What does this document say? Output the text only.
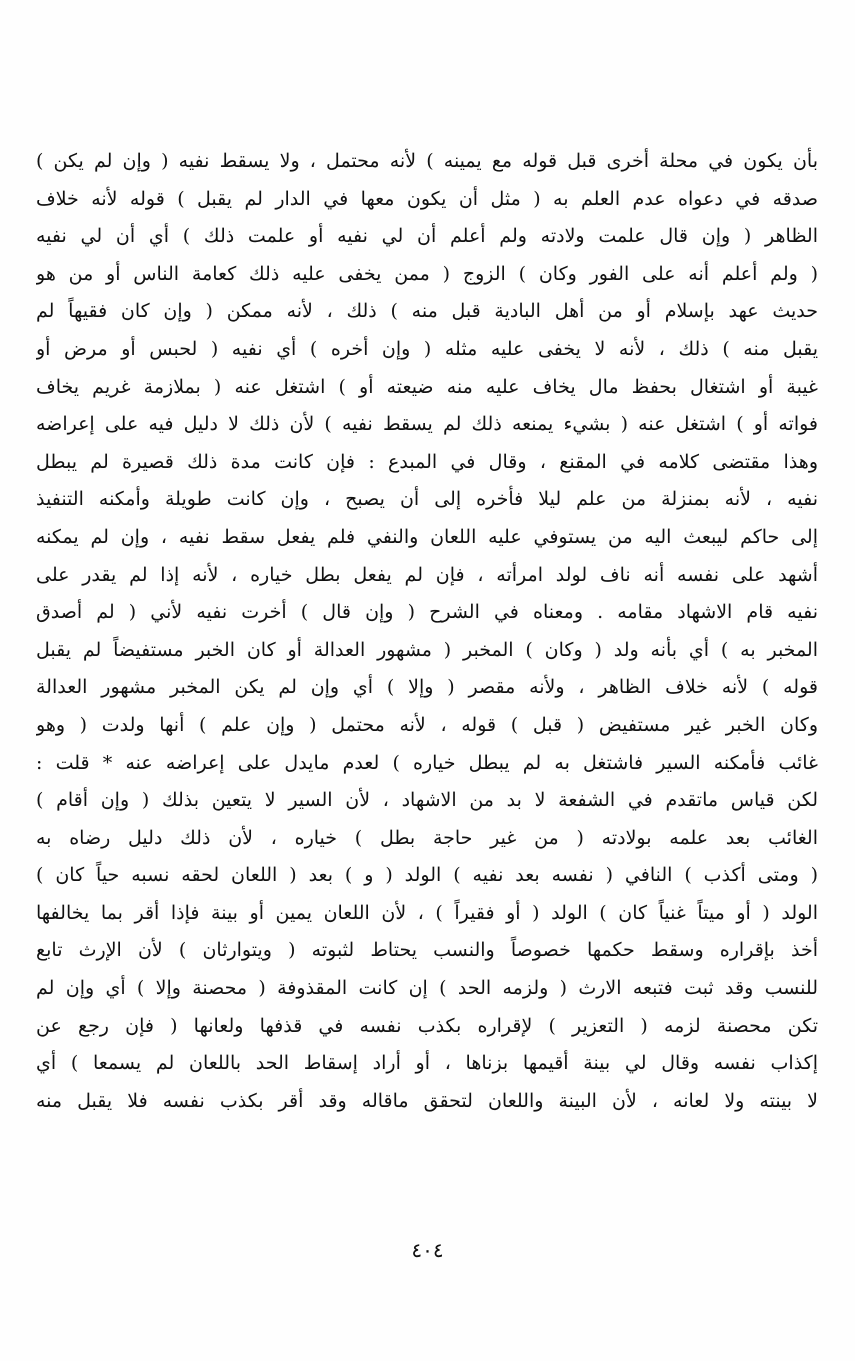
بأن يكون في محلة أخرى قبل قوله مع يمينه ) لأنه محتمل ، ولا يسقط نفيه ( وإن لم يكن )
صدقه في دعواه عدم العلم به ( مثل أن يكون معها في الدار لم يقبل ) قوله لأنه خلاف
الظاهر ( وإن قال علمت ولادته ولم أعلم أن لي نفيه أو علمت ذلك ) أي أن لي نفيه
( ولم أعلم أنه على الفور وكان ) الزوج ( ممن يخفى عليه ذلك كعامة الناس أو من هو
حديث عهد بإسلام أو من أهل البادية قبل منه ) ذلك ، لأنه ممكن ( وإن كان فقيهاً لم
يقبل منه ) ذلك ، لأنه لا يخفى عليه مثله ( وإن أخره ) أي نفيه ( لحبس أو مرض أو
غيبة أو اشتغال بحفظ مال يخاف عليه منه ضيعته أو ) اشتغل عنه ( بملازمة غريم يخاف
فواته أو ) اشتغل عنه ( بشيء يمنعه ذلك لم يسقط نفيه ) لأن ذلك لا دليل فيه على إعراضه
وهذا مقتضى كلامه في المقنع ، وقال في المبدع : فإن كانت مدة ذلك قصيرة لم يبطل
نفيه ، لأنه بمنزلة من علم ليلا فأخره إلى أن يصبح ، وإن كانت طويلة وأمكنه التنفيذ
إلى حاكم ليبعث اليه من يستوفي عليه اللعان والنفي فلم يفعل سقط نفيه ، وإن لم يمكنه
أشهد على نفسه أنه ناف لولد امرأته ، فإن لم يفعل بطل خياره ، لأنه إذا لم يقدر على
نفيه قام الاشهاد مقامه . ومعناه في الشرح ( وإن قال ) أخرت نفيه لأني ( لم أصدق
المخبر به ) أي بأنه ولد ( وكان ) المخبر ( مشهور العدالة أو كان الخبر مستفيضاً لم يقبل
قوله ) لأنه خلاف الظاهر ، ولأنه مقصر ( وإلا ) أي وإن لم يكن المخبر مشهور العدالة
وكان الخبر غير مستفيض ( قبل ) قوله ، لأنه محتمل ( وإن علم ) أنها ولدت ( وهو
غائب فأمكنه السير فاشتغل به لم يبطل خياره ) لعدم مايدل على إعراضه عنه * قلت :
لكن قياس ماتقدم في الشفعة لا بد من الاشهاد ، لأن السير لا يتعين بذلك ( وإن أقام )
الغائب بعد علمه بولادته ( من غير حاجة بطل ) خياره ، لأن ذلك دليل رضاه به
( ومتى أكذب ) النافي ( نفسه بعد نفيه ) الولد ( و ) بعد ( اللعان لحقه نسبه حياً كان )
الولد ( أو ميتاً غنياً كان ) الولد ( أو فقيراً ) ، لأن اللعان يمين أو بينة فإذا أقر بما يخالفها
أخذ بإقراره وسقط حكمها خصوصاً والنسب يحتاط لثبوته ( ويتوارثان ) لأن الإرث تابع
للنسب وقد ثبت فتبعه الارث ( ولزمه الحد ) إن كانت المقذوفة ( محصنة وإلا ) أي وإن لم
تكن محصنة لزمه ( التعزير ) لإقراره بكذب نفسه في قذفها ولعانها ( فإن رجع عن
إكذاب نفسه وقال لي بينة أقيمها بزناها ، أو أراد إسقاط الحد باللعان لم يسمعا ) أي
لا بينته ولا لعانه ، لأن البينة واللعان لتحقق ماقاله وقد أقر بكذب نفسه فلا يقبل منه
٤٠٤
